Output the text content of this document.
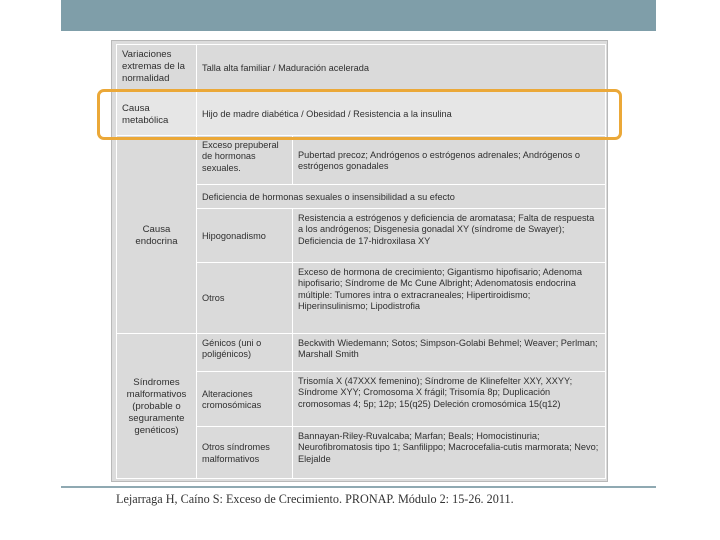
Variaciones extremas de la normalidad	Talla alta familiar / Maduración acelerada	
Causa metabólica	Hijo de madre diabética / Obesidad / Resistencia a la insulina	
Causa endocrina	Exceso prepuberal de hormonas sexuales.	Pubertad precoz; Andrógenos o estrógenos adrenales; Andrógenos o estrógenos gonadales
	Deficiencia de hormonas sexuales o insensibilidad a su efecto	
	Hipogonadismo	Resistencia a estrógenos y deficiencia de aromatasa; Falta de respuesta a los andrógenos; Disgenesia gonadal XY (síndrome de Swayer); Deficiencia de 17-hidroxilasa XY
	Otros	Exceso de hormona de crecimiento; Gigantismo hipofisario; Adenoma hipofisario; Síndrome de Mc Cune Albright; Adenomatosis endocrina múltiple: Tumores intra o extracraneales; Hipertiroidismo; Hiperinsulinismo; Lipodistrofia
Síndromes malformativos (probable o seguramente genéticos)	Génicos (uni o poligénicos)	Beckwith Wiedemann; Sotos; Simpson-Golabi Behmel; Weaver; Perlman; Marshall Smith
	Alteraciones cromosómicas	Trisomía X (47XXX femenino); Síndrome de Klinefelter XXY, XXYY; Síndrome XYY; Cromosoma X frágil; Trisomía 8p; Duplicación cromosomas 4; 5p; 12p; 15(q25) Deleción cromosómica 15(q12)
	Otros síndromes malformativos	Bannayan-Riley-Ruvalcaba; Marfan; Beals; Homocistinuria; Neurofibromatosis tipo 1; Sanfilippo; Macrocefalia-cutis marmorata; Nevo; Elejalde
Lejarraga H, Caíno S: Exceso de Crecimiento. PRONAP. Módulo 2: 15-26. 2011.
